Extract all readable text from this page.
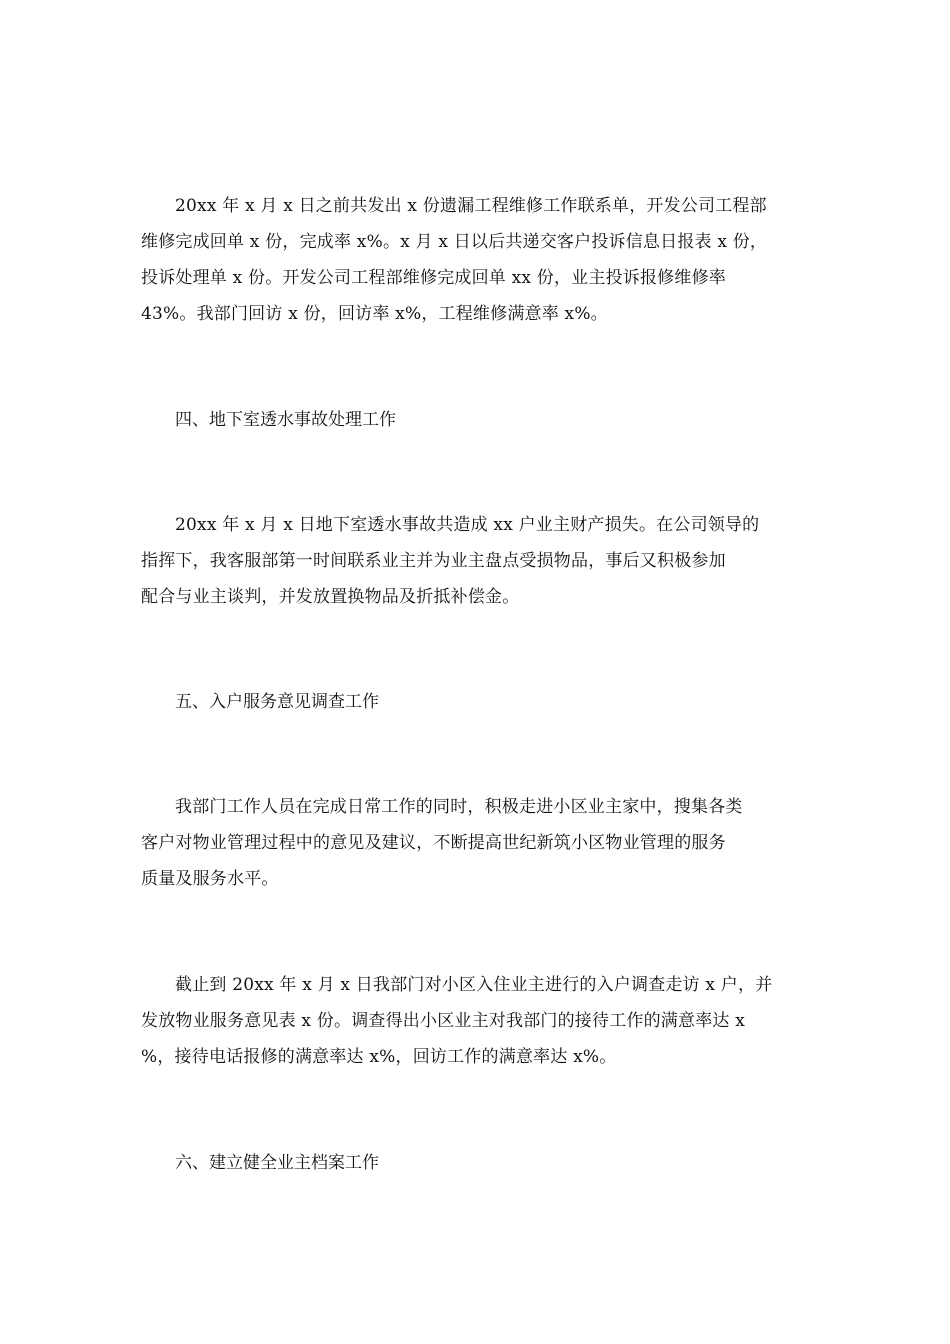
20xx 年 x 月 x 日之前共发出 x 份遗漏工程维修工作联系单，开发公司工程部
维修完成回单 x 份，完成率 x%。x 月 x 日以后共递交客户投诉信息日报表 x 份，
投诉处理单 x 份。开发公司工程部维修完成回单 xx 份，业主投诉报修维修率
43%。我部门回访 x 份，回访率 x%，工程维修满意率 x%。
四、地下室透水事故处理工作
20xx 年 x 月 x 日地下室透水事故共造成 xx 户业主财产损失。在公司领导的
指挥下，我客服部第一时间联系业主并为业主盘点受损物品，事后又积极参加
配合与业主谈判，并发放置换物品及折抵补偿金。
五、入户服务意见调查工作
我部门工作人员在完成日常工作的同时，积极走进小区业主家中，搜集各类
客户对物业管理过程中的意见及建议，不断提高世纪新筑小区物业管理的服务
质量及服务水平。
截止到 20xx 年 x 月 x 日我部门对小区入住业主进行的入户调查走访 x 户，并
发放物业服务意见表 x 份。调查得出小区业主对我部门的接待工作的满意率达 x
%，接待电话报修的满意率达 x%，回访工作的满意率达 x%。
六、建立健全业主档案工作
